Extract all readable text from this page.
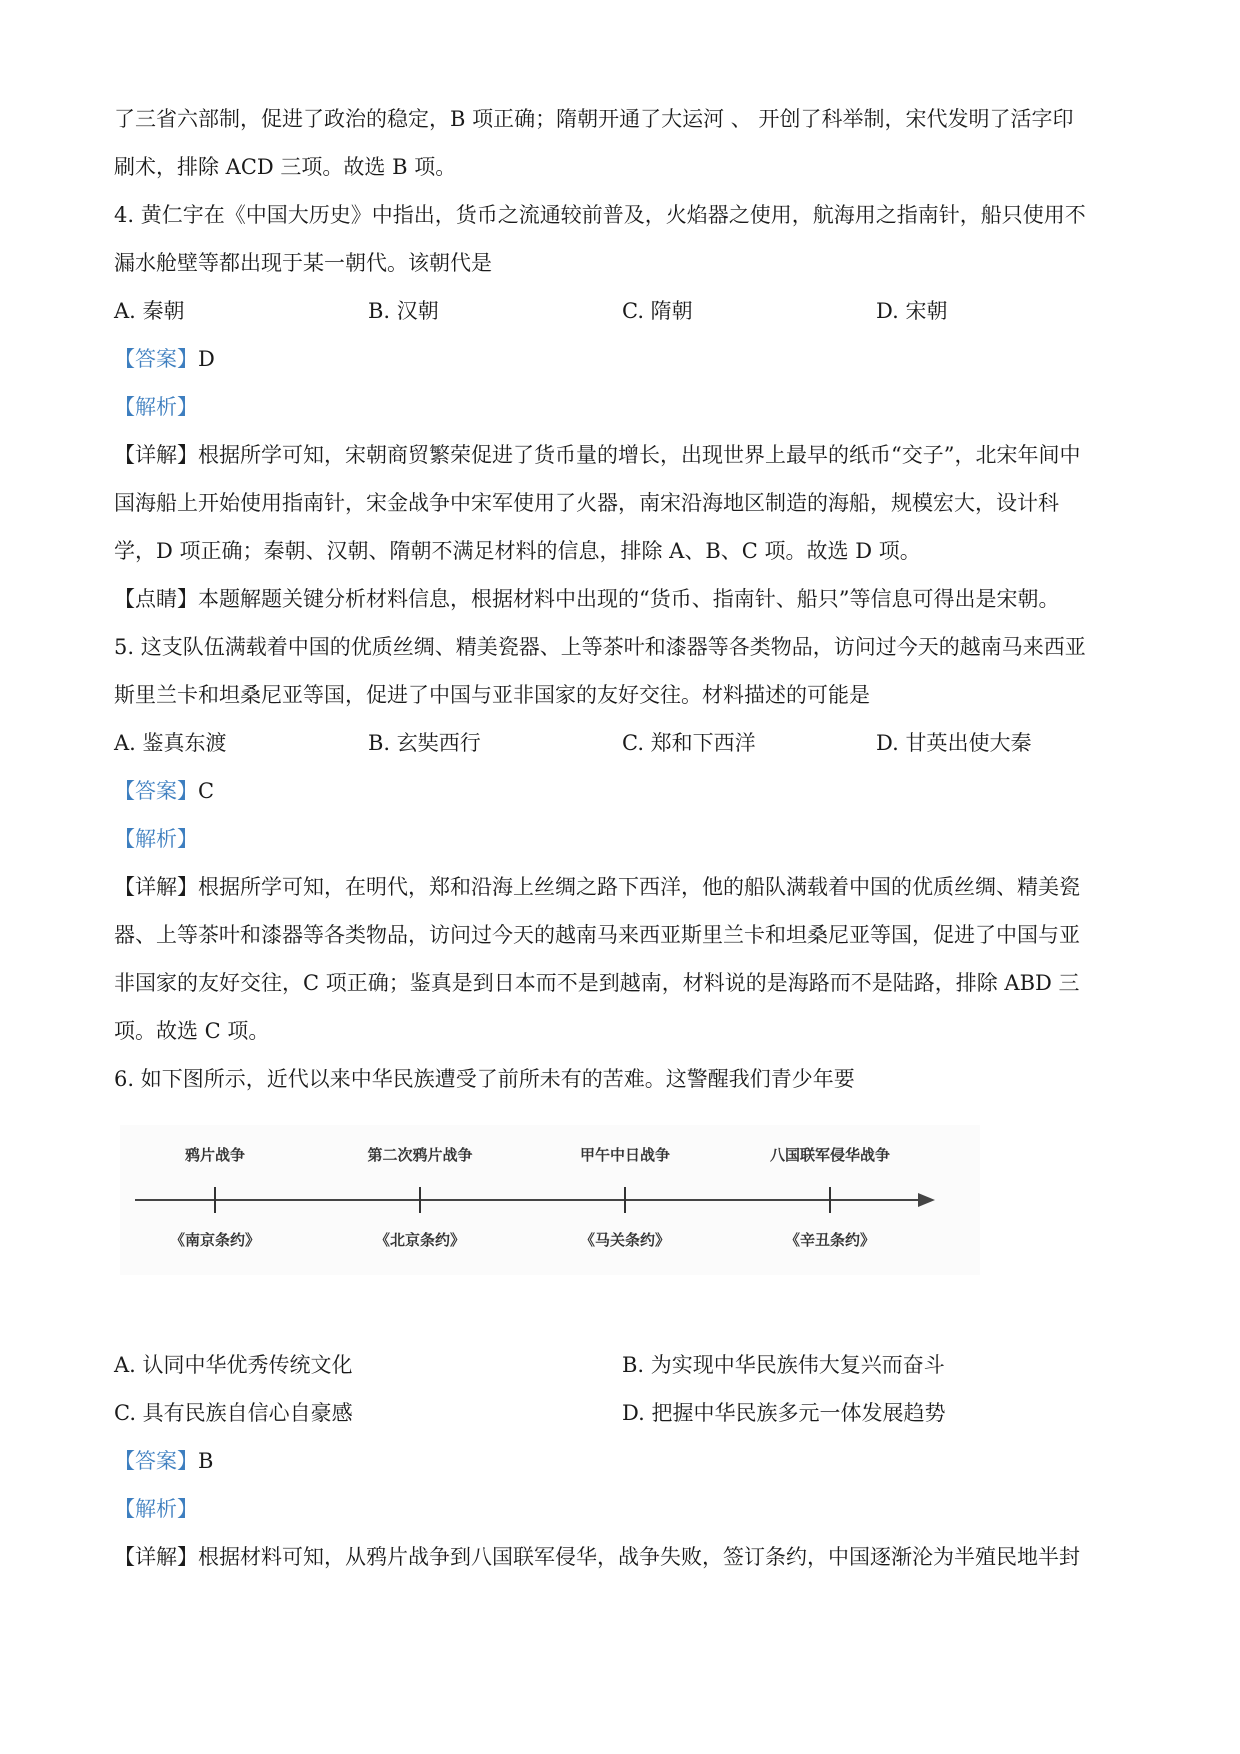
了三省六部制，促进了政治的稳定，B 项正确；隋朝开通了大运河 、 开创了科举制，宋代发明了活字印
刷术，排除 ACD 三项。故选 B 项。
4. 黄仁宇在《中国大历史》中指出，货币之流通较前普及，火焰器之使用，航海用之指南针，船只使用不
漏水舱壁等都出现于某一朝代。该朝代是
A. 秦朝	B. 汉朝	C. 隋朝	D. 宋朝
【答案】D
【解析】
【详解】根据所学可知，宋朝商贸繁荣促进了货币量的增长，出现世界上最早的纸币“交子”，北宋年间中
国海船上开始使用指南针，宋金战争中宋军使用了火器，南宋沿海地区制造的海船，规模宏大，设计科
学，D 项正确；秦朝、汉朝、隋朝不满足材料的信息，排除 A、B、C 项。故选 D 项。
【点睛】本题解题关键分析材料信息，根据材料中出现的“货币、指南针、船只”等信息可得出是宋朝。
5. 这支队伍满载着中国的优质丝绸、精美瓷器、上等茶叶和漆器等各类物品，访问过今天的越南马来西亚
斯里兰卡和坦桑尼亚等国，促进了中国与亚非国家的友好交往。材料描述的可能是
A. 鉴真东渡	B. 玄奘西行	C. 郑和下西洋	D. 甘英出使大秦
【答案】C
【解析】
【详解】根据所学可知，在明代，郑和沿海上丝绸之路下西洋，他的船队满载着中国的优质丝绸、精美瓷
器、上等茶叶和漆器等各类物品，访问过今天的越南马来西亚斯里兰卡和坦桑尼亚等国，促进了中国与亚
非国家的友好交往，C 项正确；鉴真是到日本而不是到越南，材料说的是海路而不是陆路，排除 ABD 三
项。故选 C 项。
6. 如下图所示，近代以来中华民族遭受了前所未有的苦难。这警醒我们青少年要
鸦片战争
《南京条约》
第二次鸦片战争
《北京条约》
甲午中日战争
《马关条约》
八国联军侵华战争
《辛丑条约》
A. 认同中华优秀传统文化	B. 为实现中华民族伟大复兴而奋斗
C. 具有民族自信心自豪感	D. 把握中华民族多元一体发展趋势
【答案】B
【解析】
【详解】根据材料可知，从鸦片战争到八国联军侵华，战争失败，签订条约，中国逐渐沦为半殖民地半封
